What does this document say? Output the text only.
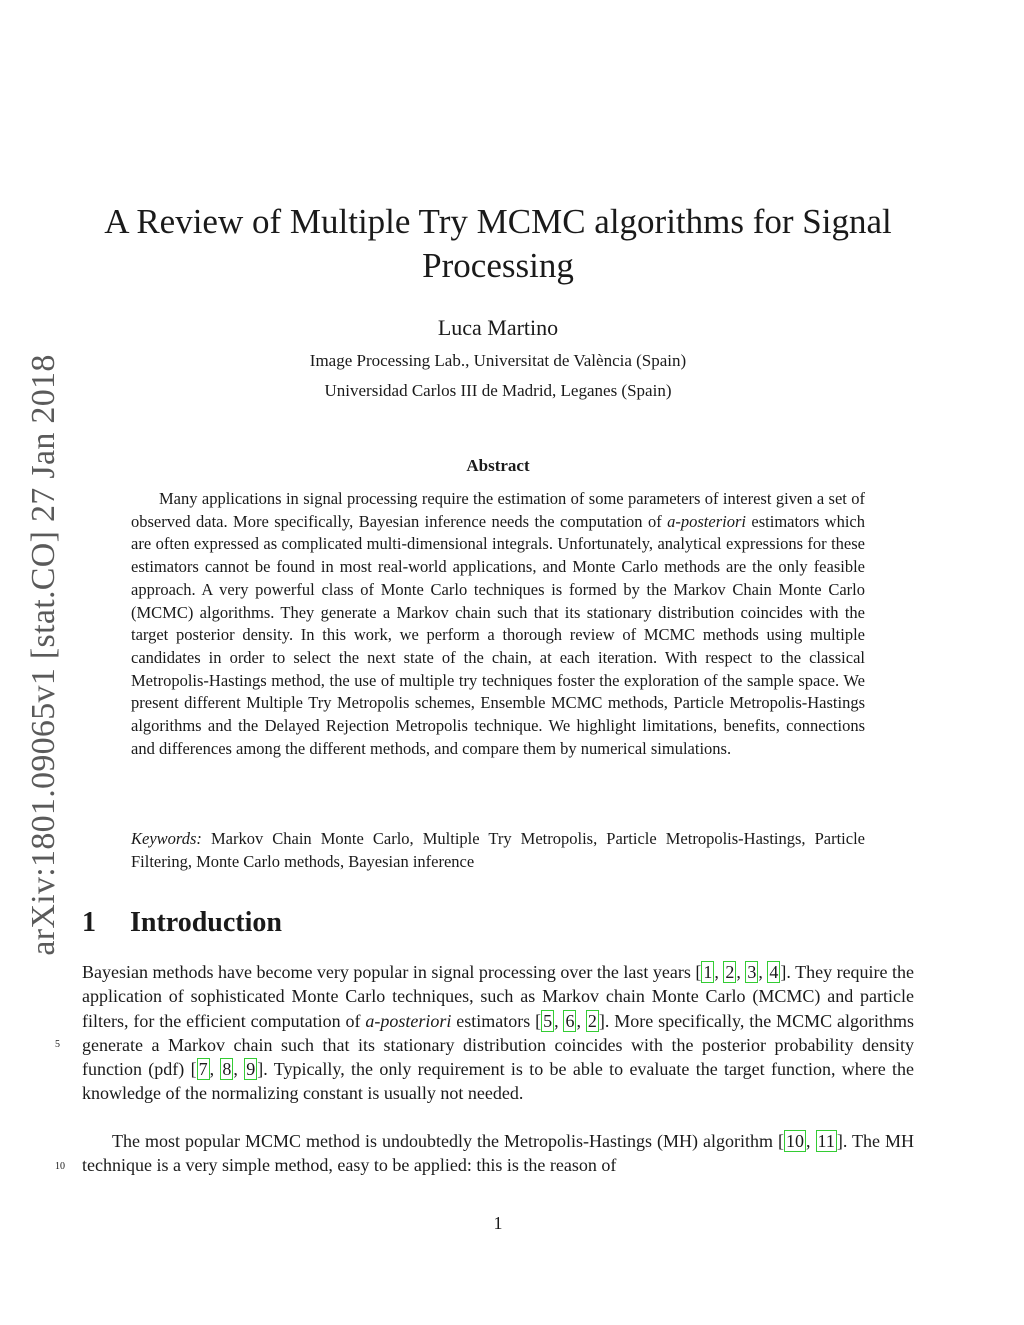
arXiv:1801.09065v1 [stat.CO] 27 Jan 2018
A Review of Multiple Try MCMC algorithms for Signal Processing
Luca Martino
Image Processing Lab., Universitat de València (Spain)
Universidad Carlos III de Madrid, Leganes (Spain)
Abstract

Many applications in signal processing require the estimation of some parameters of interest given a set of observed data. More specifically, Bayesian inference needs the computation of a-posteriori estimators which are often expressed as complicated multi-dimensional integrals. Unfortunately, analytical expressions for these estimators cannot be found in most real-world applications, and Monte Carlo methods are the only feasible approach. A very powerful class of Monte Carlo techniques is formed by the Markov Chain Monte Carlo (MCMC) algorithms. They generate a Markov chain such that its stationary distribution coincides with the target posterior density. In this work, we perform a thorough review of MCMC methods using multiple candidates in order to select the next state of the chain, at each iteration. With respect to the classical Metropolis-Hastings method, the use of multiple try techniques foster the exploration of the sample space. We present different Multiple Try Metropolis schemes, Ensemble MCMC methods, Particle Metropolis-Hastings algorithms and the Delayed Rejection Metropolis technique. We highlight limitations, benefits, connections and differences among the different methods, and compare them by numerical simulations.

Keywords: Markov Chain Monte Carlo, Multiple Try Metropolis, Particle Metropolis-Hastings, Particle Filtering, Monte Carlo methods, Bayesian inference

1 Introduction

Bayesian methods have become very popular in signal processing over the last years [ 1 , 2 , 3 , 4 ]. They require the application of sophisticated Monte Carlo techniques, such as Markov chain Monte Carlo (MCMC) and particle filters, for the efficient computation of a-posteriori estimators [ 5 , 6 , 2 ]. More specifically, the MCMC algorithms generate a Markov chain such that its stationary distribution coincides with the posterior probability density function (pdf) [ 7 , 8 , 9 ]. Typically, the only requirement is to be able to evaluate the target function, where the knowledge of the normalizing constant is usually not needed.

The most popular MCMC method is undoubtedly the Metropolis-Hastings (MH) algorithm [ 10 , 11 ]. The MH technique is a very simple method, easy to be applied: this is the reason of

5
10
1
